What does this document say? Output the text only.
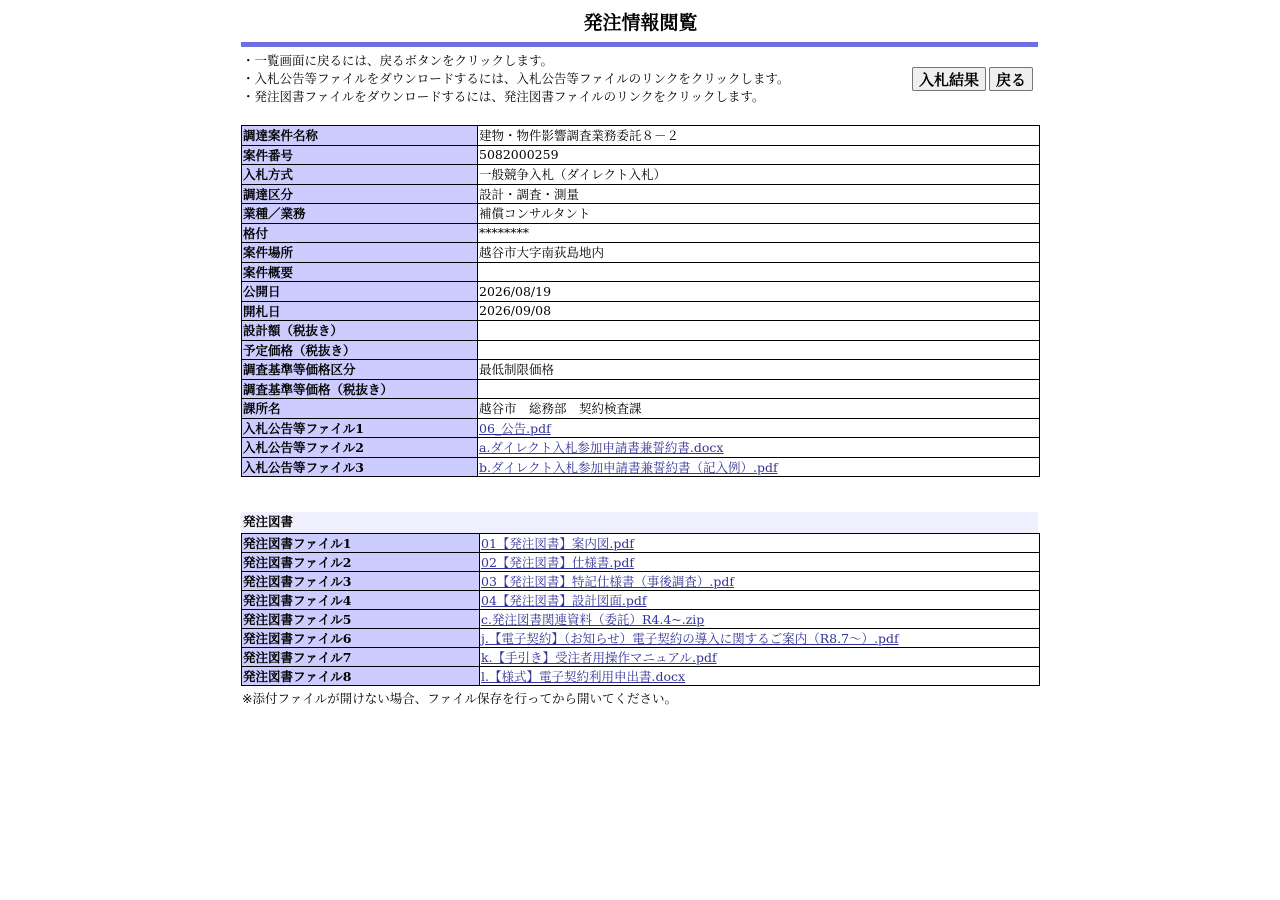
発注情報閲覧
・一覧画面に戻るには、戻るボタンをクリックします。
・入札公告等ファイルをダウンロードするには、入札公告等ファイルのリンクをクリックします。
・発注図書ファイルをダウンロードするには、発注図書ファイルのリンクをクリックします。
入札結果	戻る
調達案件名称	建物・物件影響調査業務委託８－２
案件番号	5082000259
入札方式	一般競争入札（ダイレクト入札）
調達区分	設計・調査・測量
業種／業務	補償コンサルタント
格付	********
案件場所	越谷市大字南荻島地内
案件概要	
公開日	2026/08/19
開札日	2026/09/08
設計額（税抜き）	
予定価格（税抜き）	
調査基準等価格区分	最低制限価格
調査基準等価格（税抜き）	
課所名	越谷市　総務部　契約検査課
入札公告等ファイル1	06_公告.pdf
入札公告等ファイル2	a.ダイレクト入札参加申請書兼誓約書.docx
入札公告等ファイル3	b.ダイレクト入札参加申請書兼誓約書（記入例）.pdf
発注図書
発注図書ファイル1	01【発注図書】案内図.pdf
発注図書ファイル2	02【発注図書】仕様書.pdf
発注図書ファイル3	03【発注図書】特記仕様書（事後調査）.pdf
発注図書ファイル4	04【発注図書】設計図面.pdf
発注図書ファイル5	c.発注図書関連資料（委託）R4.4~.zip
発注図書ファイル6	j.【電子契約】（お知らせ）電子契約の導入に関するご案内（R8.7～）.pdf
発注図書ファイル7	k.【手引き】受注者用操作マニュアル.pdf
発注図書ファイル8	l.【様式】電子契約利用申出書.docx
※添付ファイルが開けない場合、ファイル保存を行ってから開いてください。
